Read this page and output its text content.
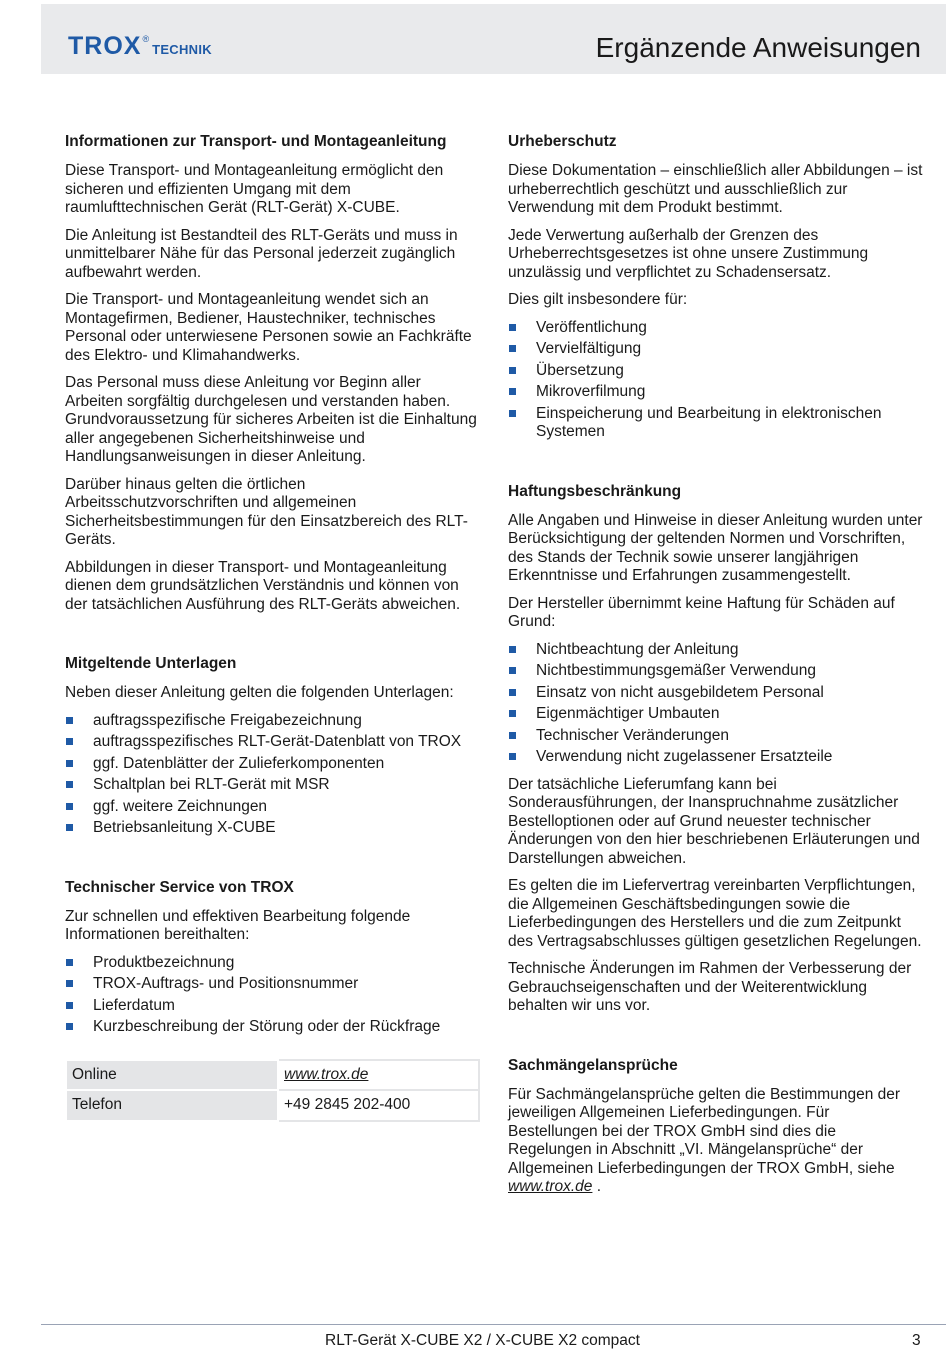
TROX ®
TECHNIK	Ergänzende Anweisungen
Informationen zur Transport- und Montageanleitung

Diese Transport- und Montageanleitung ermöglicht den sicheren und effizienten Umgang mit dem raumlufttechnischen Gerät (RLT-Gerät) X-CUBE.

Die Anleitung ist Bestandteil des RLT-Geräts und muss in unmittelbarer Nähe für das Personal jederzeit zugänglich aufbewahrt werden.

Die Transport- und Montageanleitung wendet sich an Montagefirmen, Bediener, Haustechniker, technisches Personal oder unterwiesene Personen sowie an Fachkräfte des Elektro- und Klimahandwerks.

Das Personal muss diese Anleitung vor Beginn aller Arbeiten sorgfältig durchgelesen und verstanden haben. Grundvoraussetzung für sicheres Arbeiten ist die Einhaltung aller angegebenen Sicherheitshinweise und Handlungsanweisungen in dieser Anleitung.

Darüber hinaus gelten die örtlichen Arbeitsschutzvorschriften und allgemeinen Sicherheitsbestimmungen für den Einsatzbereich des RLT-Geräts.

Abbildungen in dieser Transport- und Montageanleitung dienen dem grundsätzlichen Verständnis und können von der tatsächlichen Ausführung des RLT-Geräts abweichen.

Mitgeltende Unterlagen

Neben dieser Anleitung gelten die folgenden Unterlagen:

auftragsspezifische Freigabezeichnung
auftragsspezifisches RLT-Gerät-Datenblatt von TROX
ggf. Datenblätter der Zulieferkomponenten
Schaltplan bei RLT-Gerät mit MSR
ggf. weitere Zeichnungen
Betriebsanleitung X-CUBE
Technischer Service von TROX

Zur schnellen und effektiven Bearbeitung folgende Informationen bereithalten:

Produktbezeichnung
TROX-Auftrags- und Positionsnummer
Lieferdatum
Kurzbeschreibung der Störung oder der Rückfrage
Online	www.trox.de
Telefon	+49 2845 202-400
Urheberschutz

Diese Dokumentation – einschließlich aller Abbildungen – ist urheberrechtlich geschützt und ausschließlich zur Verwendung mit dem Produkt bestimmt.

Jede Verwertung außerhalb der Grenzen des Urheberrechtsgesetzes ist ohne unsere Zustimmung unzulässig und verpflichtet zu Schadensersatz.

Dies gilt insbesondere für:

Veröffentlichung
Vervielfältigung
Übersetzung
Mikroverfilmung
Einspeicherung und Bearbeitung in elektronischen Systemen
Haftungsbeschränkung

Alle Angaben und Hinweise in dieser Anleitung wurden unter Berücksichtigung der geltenden Normen und Vorschriften, des Stands der Technik sowie unserer langjährigen Erkenntnisse und Erfahrungen zusammengestellt.

Der Hersteller übernimmt keine Haftung für Schäden auf Grund:

Nichtbeachtung der Anleitung
Nichtbestimmungsgemäßer Verwendung
Einsatz von nicht ausgebildetem Personal
Eigenmächtiger Umbauten
Technischer Veränderungen
Verwendung nicht zugelassener Ersatzteile

Der tatsächliche Lieferumfang kann bei Sonderausführungen, der Inanspruchnahme zusätzlicher Bestelloptionen oder auf Grund neuester technischer Änderungen von den hier beschriebenen Erläuterungen und Darstellungen abweichen.

Es gelten die im Liefervertrag vereinbarten Verpflichtungen, die Allgemeinen Geschäftsbedingungen sowie die Lieferbedingungen des Herstellers und die zum Zeitpunkt des Vertragsabschlusses gültigen gesetzlichen Regelungen.

Technische Änderungen im Rahmen der Verbesserung der Gebrauchseigenschaften und der Weiterentwicklung behalten wir uns vor.

Sachmängelansprüche

Für Sachmängelansprüche gelten die Bestimmungen der jeweiligen Allgemeinen Lieferbedingungen. Für Bestellungen bei der TROX GmbH sind dies die Regelungen in Abschnitt „VI. Mängelansprüche“ der Allgemeinen Lieferbedingungen der TROX GmbH, siehe www.trox.de .

RLT-Gerät X-CUBE X2 / X-CUBE X2 compact	3
